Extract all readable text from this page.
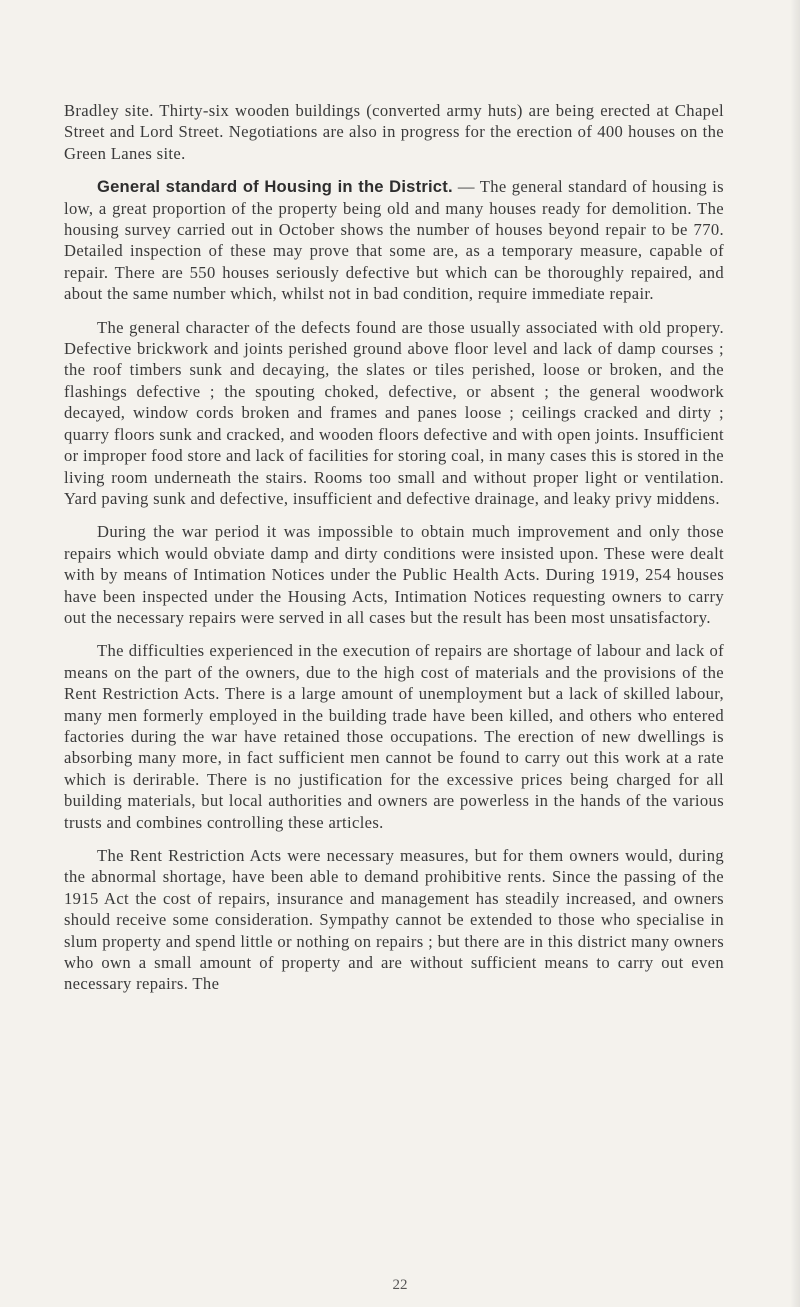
Bradley site. Thirty-six wooden buildings (converted army huts) are being erected at Chapel Street and Lord Street. Negotiations are also in progress for the erection of 400 houses on the Green Lanes site.

General standard of Housing in the District. — The general standard of housing is low, a great proportion of the property being old and many houses ready for demolition. The housing survey carried out in October shows the number of houses beyond repair to be 770. Detailed inspection of these may prove that some are, as a temporary measure, capable of repair. There are 550 houses seriously defective but which can be thoroughly repaired, and about the same number which, whilst not in bad condition, require immediate repair.

The general character of the defects found are those usually associated with old propery. Defective brickwork and joints perished ground above floor level and lack of damp courses ; the roof timbers sunk and decaying, the slates or tiles perished, loose or broken, and the flashings defective ; the spouting choked, defective, or absent ; the general woodwork decayed, window cords broken and frames and panes loose ; ceilings cracked and dirty ; quarry floors sunk and cracked, and wooden floors defective and with open joints. Insufficient or improper food store and lack of facilities for storing coal, in many cases this is stored in the living room underneath the stairs. Rooms too small and without proper light or ventilation. Yard paving sunk and defective, insufficient and defective drainage, and leaky privy middens.

During the war period it was impossible to obtain much improvement and only those repairs which would obviate damp and dirty conditions were insisted upon. These were dealt with by means of Intimation Notices under the Public Health Acts. During 1919, 254 houses have been inspected under the Housing Acts, Intimation Notices requesting owners to carry out the necessary repairs were served in all cases but the result has been most unsatisfactory.

The difficulties experienced in the execution of repairs are shortage of labour and lack of means on the part of the owners, due to the high cost of materials and the provisions of the Rent Restriction Acts. There is a large amount of unemployment but a lack of skilled labour, many men formerly employed in the building trade have been killed, and others who entered factories during the war have retained those occupations. The erection of new dwellings is absorbing many more, in fact sufficient men cannot be found to carry out this work at a rate which is derirable. There is no justification for the excessive prices being charged for all building materials, but local authorities and owners are powerless in the hands of the various trusts and combines controlling these articles.

The Rent Restriction Acts were necessary measures, but for them owners would, during the abnormal shortage, have been able to demand prohibitive rents. Since the passing of the 1915 Act the cost of repairs, insurance and management has steadily increased, and owners should receive some consideration. Sympathy cannot be extended to those who specialise in slum property and spend little or nothing on repairs ; but there are in this district many owners who own a small amount of property and are without sufficient means to carry out even necessary repairs. The

22
